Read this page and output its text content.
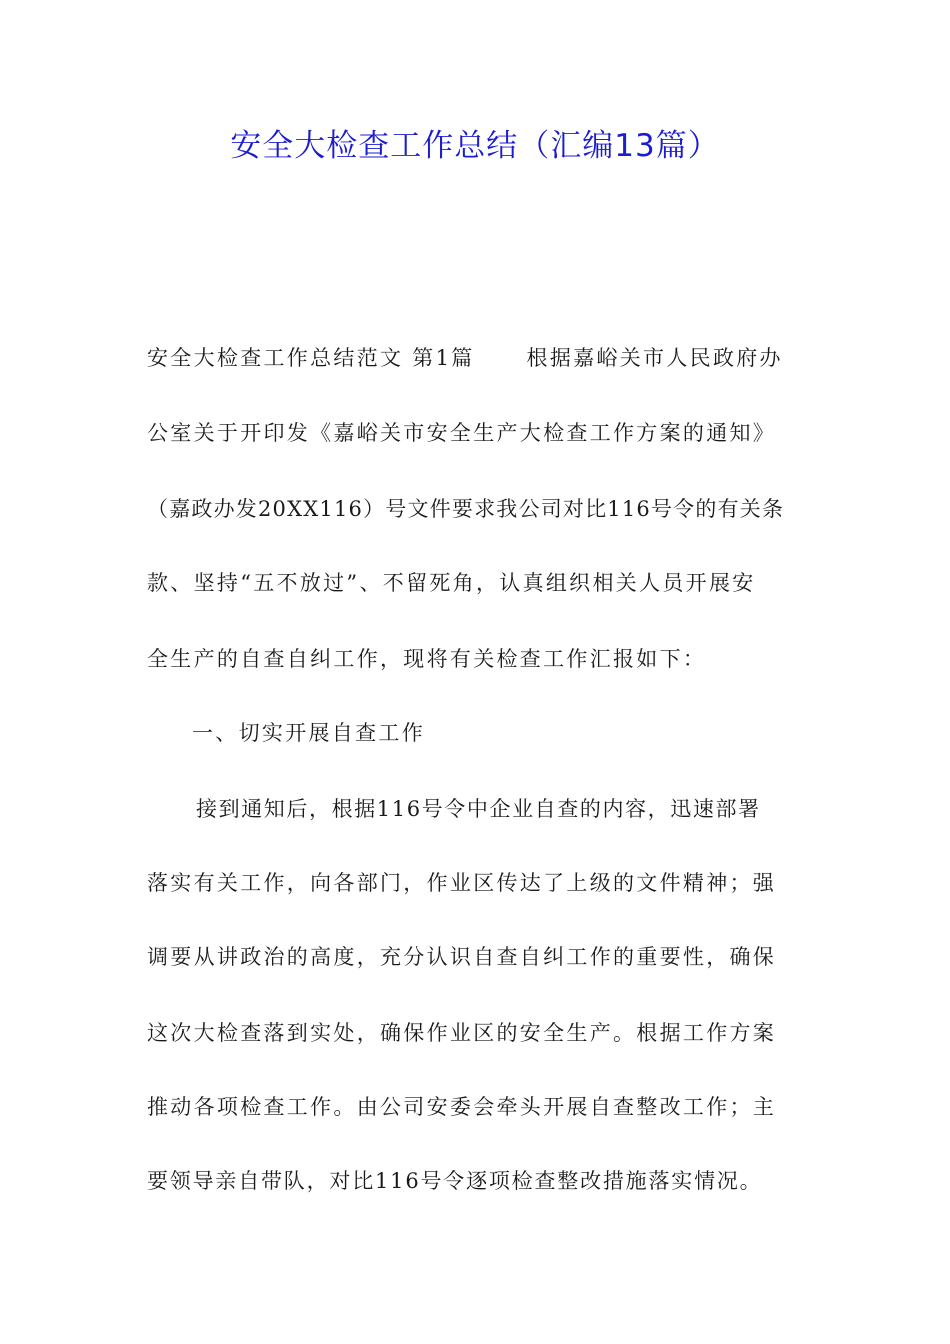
安全大检查工作总结（汇编13篇）

安全大检查工作总结范文 第1篇 根据嘉峪关市人民政府办

公室关于开印发《嘉峪关市安全生产大检查工作方案的通知》

（嘉政办发20XX116）号文件要求我公司对比116号令的有关条

款、坚持“五不放过”、不留死角，认真组织相关人员开展安

全生产的自查自纠工作，现将有关检查工作汇报如下：

一、切实开展自查工作

接到通知后，根据116号令中企业自查的内容，迅速部署

落实有关工作，向各部门，作业区传达了上级的文件精神；强

调要从讲政治的高度，充分认识自查自纠工作的重要性，确保

这次大检查落到实处，确保作业区的安全生产。根据工作方案

推动各项检查工作。由公司安委会牵头开展自查整改工作；主

要领导亲自带队，对比116号令逐项检查整改措施落实情况。
